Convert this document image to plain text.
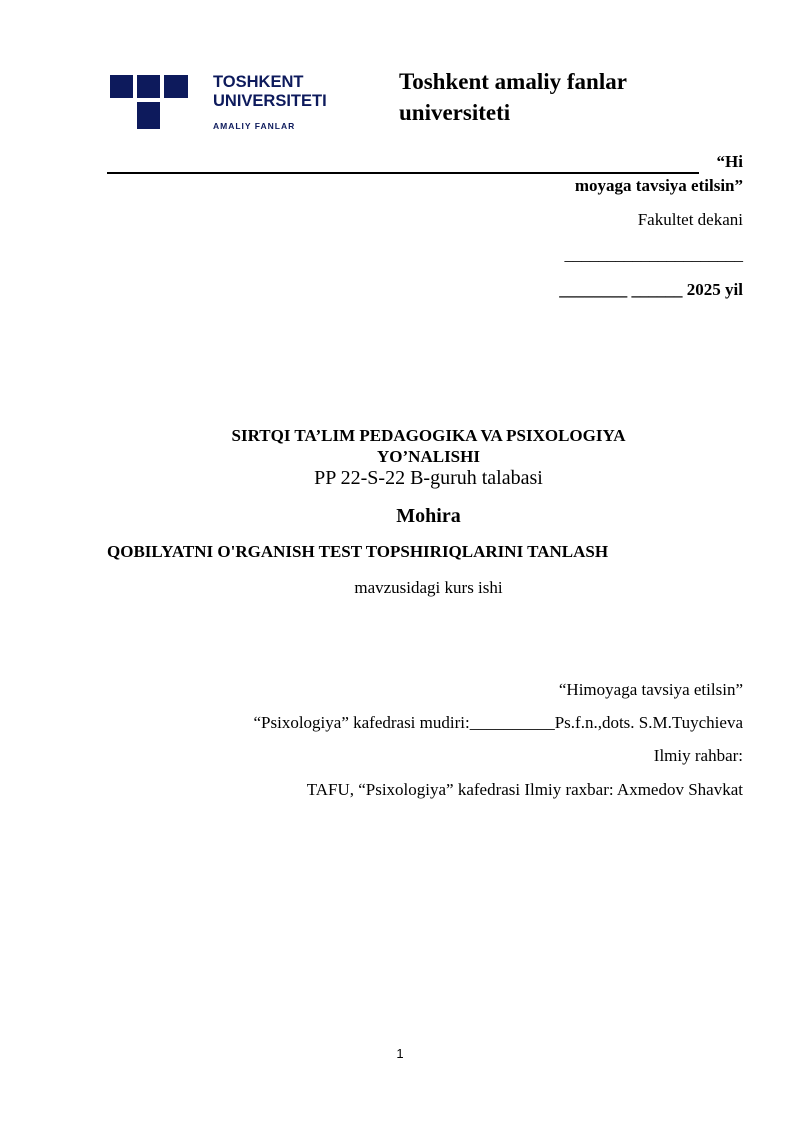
TOSHKENT
UNIVERSITETI
AMALIY FANLAR
Toshkent amaliy fanlar
universiteti
“Hi
moyaga tavsiya etilsin”
Fakultet dekani
_____________________
________ ______ 2025 yil
SIRTQI TA’LIM PEDAGOGIKA VA PSIXOLOGIYA
YO’NALISHI
PP 22-S-22 B-guruh talabasi
Mohira
QOBILYATNI O'RGANISH TEST TOPSHIRIQLARINI TANLASH
mavzusidagi kurs ishi
“Himoyaga tavsiya etilsin”
“Psixologiya” kafedrasi mudiri:__________Ps.f.n.,dots. S.M.Tuychieva
Ilmiy rahbar:
TAFU, “Psixologiya” kafedrasi Ilmiy raxbar: Axmedov Shavkat
1
